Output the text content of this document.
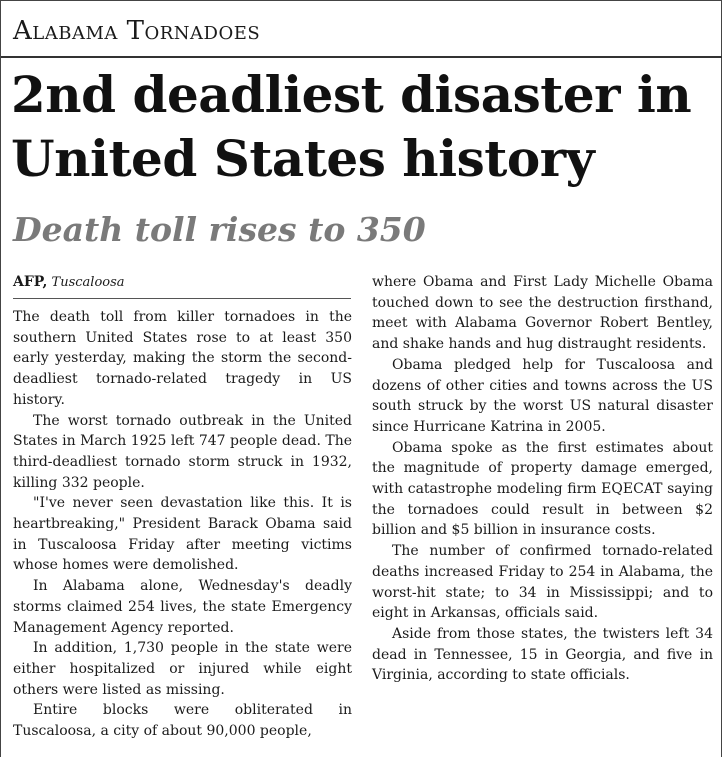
Alabama Tornadoes
2nd deadliest disaster in United States history
Death toll rises to 350
AFP, Tuscaloosa

The death toll from killer tornadoes in the southern United States rose to at least 350 early yesterday, making the storm the second-deadliest tornado-related tragedy in US history.

The worst tornado outbreak in the United States in March 1925 left 747 people dead. The third-deadliest tornado storm struck in 1932, killing 332 people.

"I've never seen devastation like this. It is heartbreaking," President Barack Obama said in Tuscaloosa Friday after meeting victims whose homes were demolished.

In Alabama alone, Wednesday's deadly storms claimed 254 lives, the state Emergency Management Agency reported.

In addition, 1,730 people in the state were either hospitalized or injured while eight others were listed as missing.

Entire blocks were obliterated in Tuscaloosa, a city of about 90,000 people,

where Obama and First Lady Michelle Obama touched down to see the destruction firsthand, meet with Alabama Governor Robert Bentley, and shake hands and hug distraught residents.

Obama pledged help for Tuscaloosa and dozens of other cities and towns across the US south struck by the worst US natural disaster since Hurricane Katrina in 2005.

Obama spoke as the first estimates about the magnitude of property damage emerged, with catastrophe modeling firm EQECAT saying the tornadoes could result in between $2 billion and $5 billion in insurance costs.

The number of confirmed tornado-related deaths increased Friday to 254 in Alabama, the worst-hit state; to 34 in Mississippi; and to eight in Arkansas, officials said.

Aside from those states, the twisters left 34 dead in Tennessee, 15 in Georgia, and five in Virginia, according to state officials.
